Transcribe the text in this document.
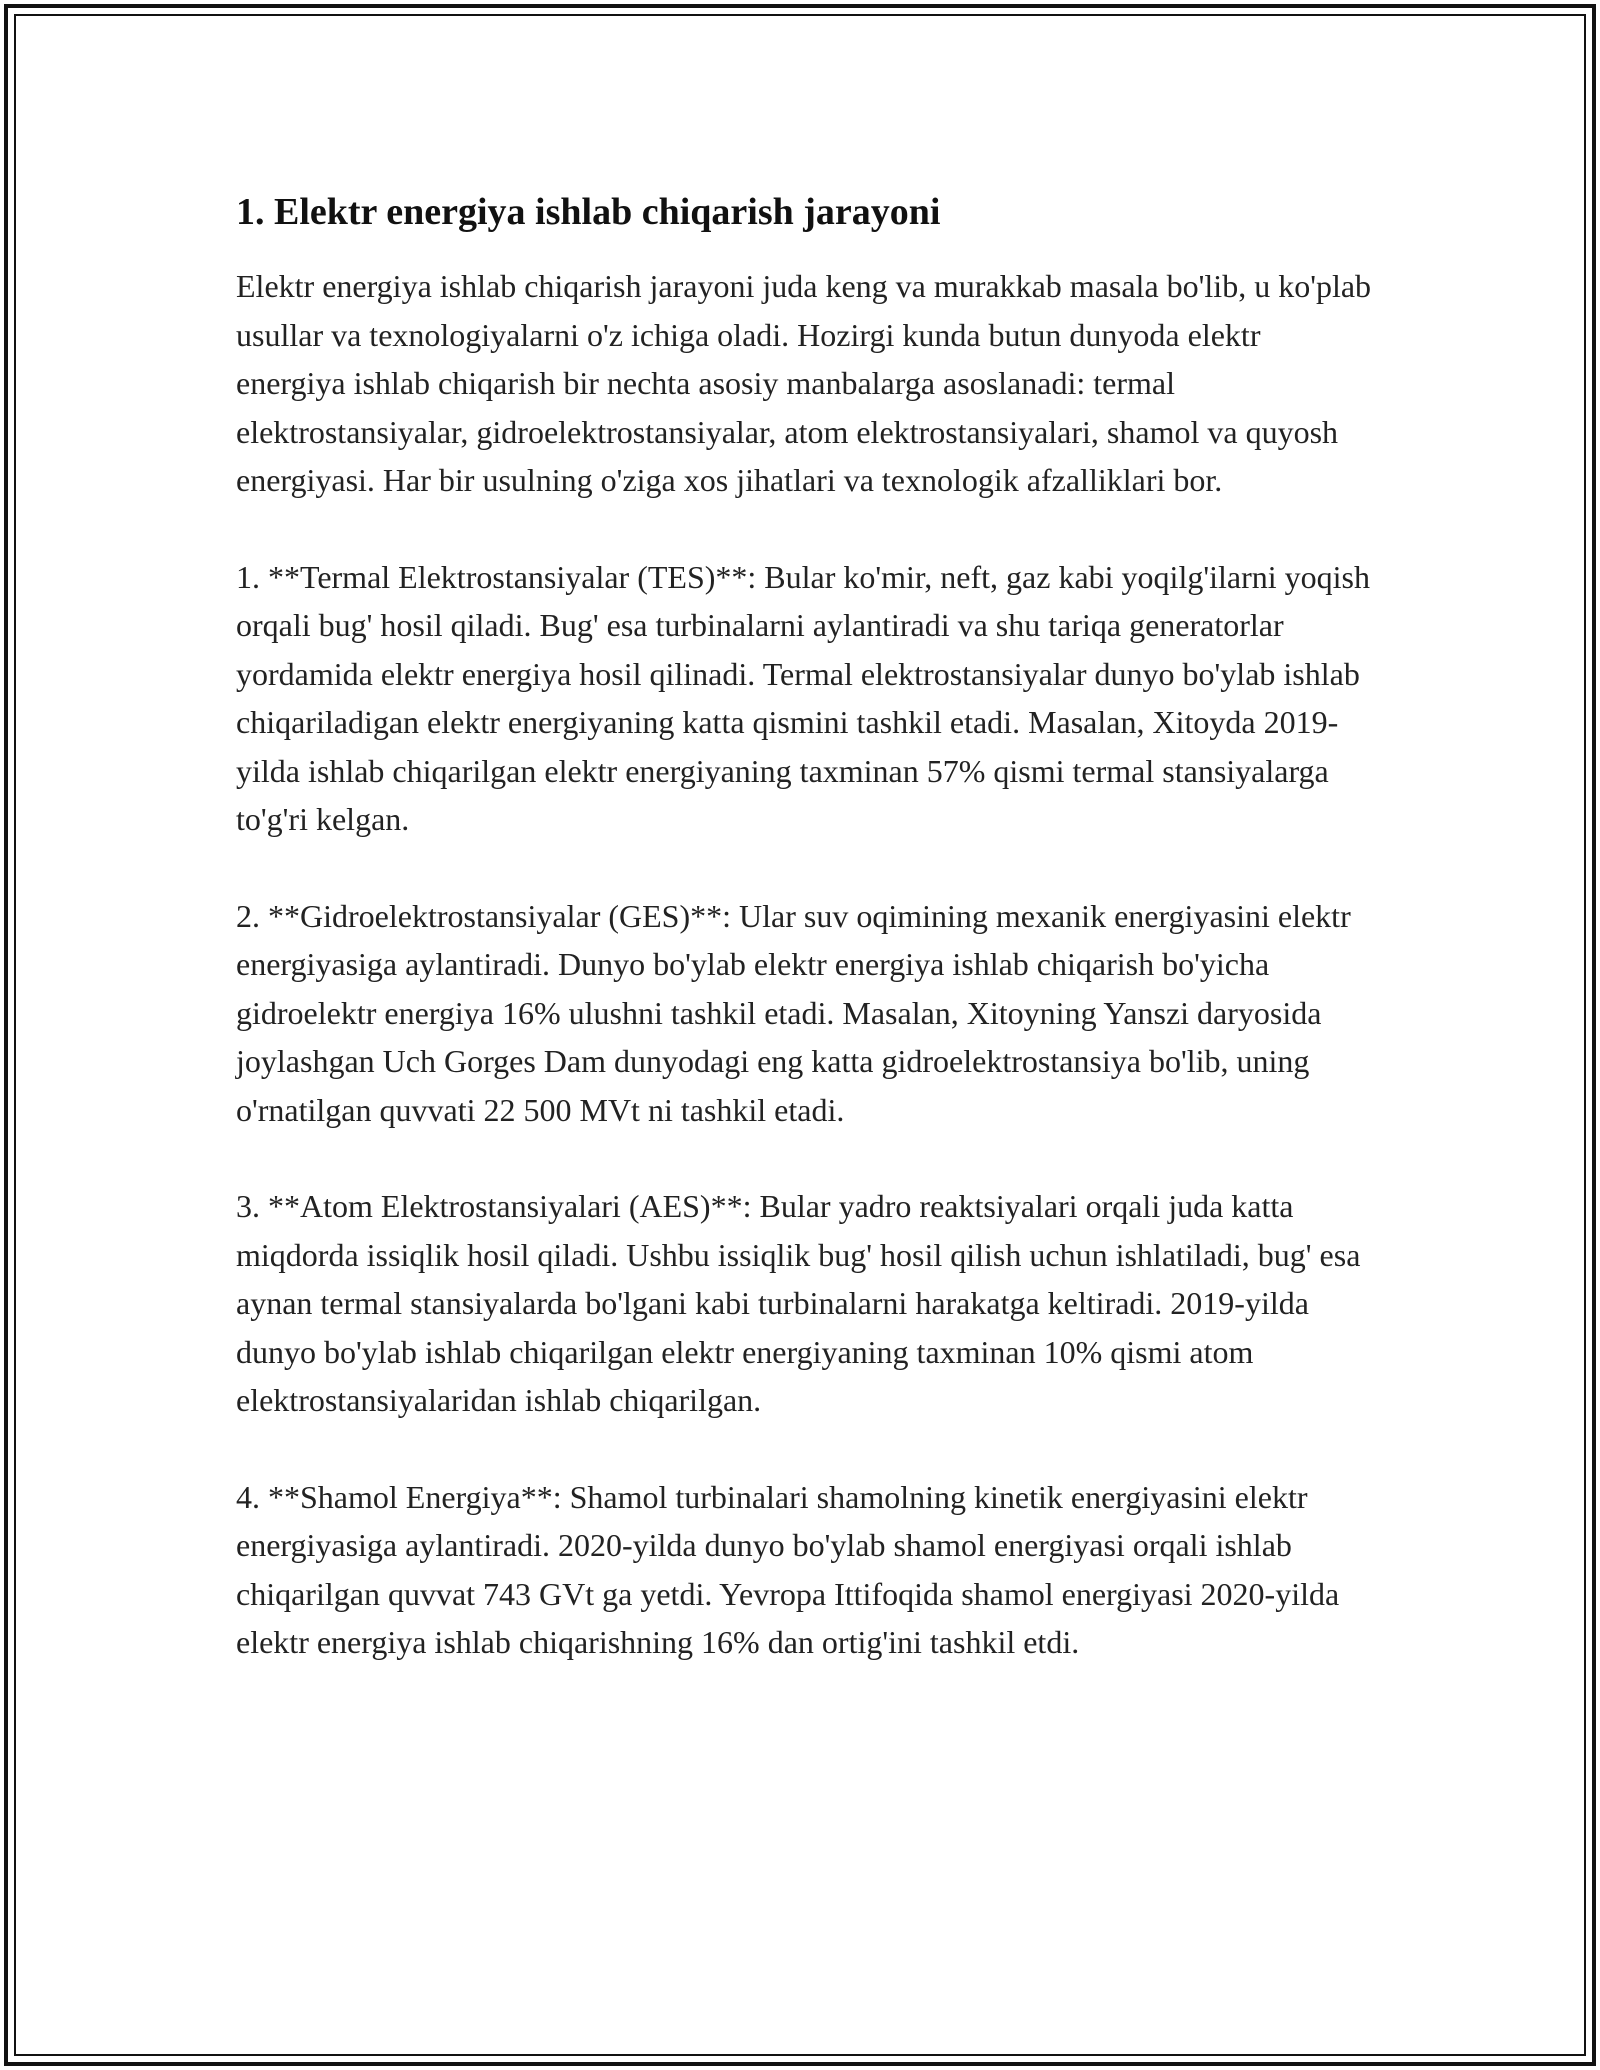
1. Elektr energiya ishlab chiqarish jarayoni

Elektr energiya ishlab chiqarish jarayoni juda keng va murakkab masala bo'lib, u ko'plab usullar va texnologiyalarni o'z ichiga oladi. Hozirgi kunda butun dunyoda elektr energiya ishlab chiqarish bir nechta asosiy manbalarga asoslanadi: termal elektrostansiyalar, gidroelektrostansiyalar, atom elektrostansiyalari, shamol va quyosh energiyasi. Har bir usulning o'ziga xos jihatlari va texnologik afzalliklari bor.

1. **Termal Elektrostansiyalar (TES)**: Bular ko'mir, neft, gaz kabi yoqilg'ilarni yoqish orqali bug' hosil qiladi. Bug' esa turbinalarni aylantiradi va shu tariqa generatorlar yordamida elektr energiya hosil qilinadi. Termal elektrostansiyalar dunyo bo'ylab ishlab chiqariladigan elektr energiyaning katta qismini tashkil etadi. Masalan, Xitoyda 2019-yilda ishlab chiqarilgan elektr energiyaning taxminan 57% qismi termal stansiyalarga to'g'ri kelgan.

2. **Gidroelektrostansiyalar (GES)**: Ular suv oqimining mexanik energiyasini elektr energiyasiga aylantiradi. Dunyo bo'ylab elektr energiya ishlab chiqarish bo'yicha gidroelektr energiya 16% ulushni tashkil etadi. Masalan, Xitoyning Yanszi daryosida joylashgan Uch Gorges Dam dunyodagi eng katta gidroelektrostansiya bo'lib, uning o'rnatilgan quvvati 22 500 MVt ni tashkil etadi.

3. **Atom Elektrostansiyalari (AES)**: Bular yadro reaktsiyalari orqali juda katta miqdorda issiqlik hosil qiladi. Ushbu issiqlik bug' hosil qilish uchun ishlatiladi, bug' esa aynan termal stansiyalarda bo'lgani kabi turbinalarni harakatga keltiradi. 2019-yilda dunyo bo'ylab ishlab chiqarilgan elektr energiyaning taxminan 10% qismi atom elektrostansiyalaridan ishlab chiqarilgan.

4. **Shamol Energiya**: Shamol turbinalari shamolning kinetik energiyasini elektr energiyasiga aylantiradi. 2020-yilda dunyo bo'ylab shamol energiyasi orqali ishlab chiqarilgan quvvat 743 GVt ga yetdi. Yevropa Ittifoqida shamol energiyasi 2020-yilda elektr energiya ishlab chiqarishning 16% dan ortig'ini tashkil etdi.
